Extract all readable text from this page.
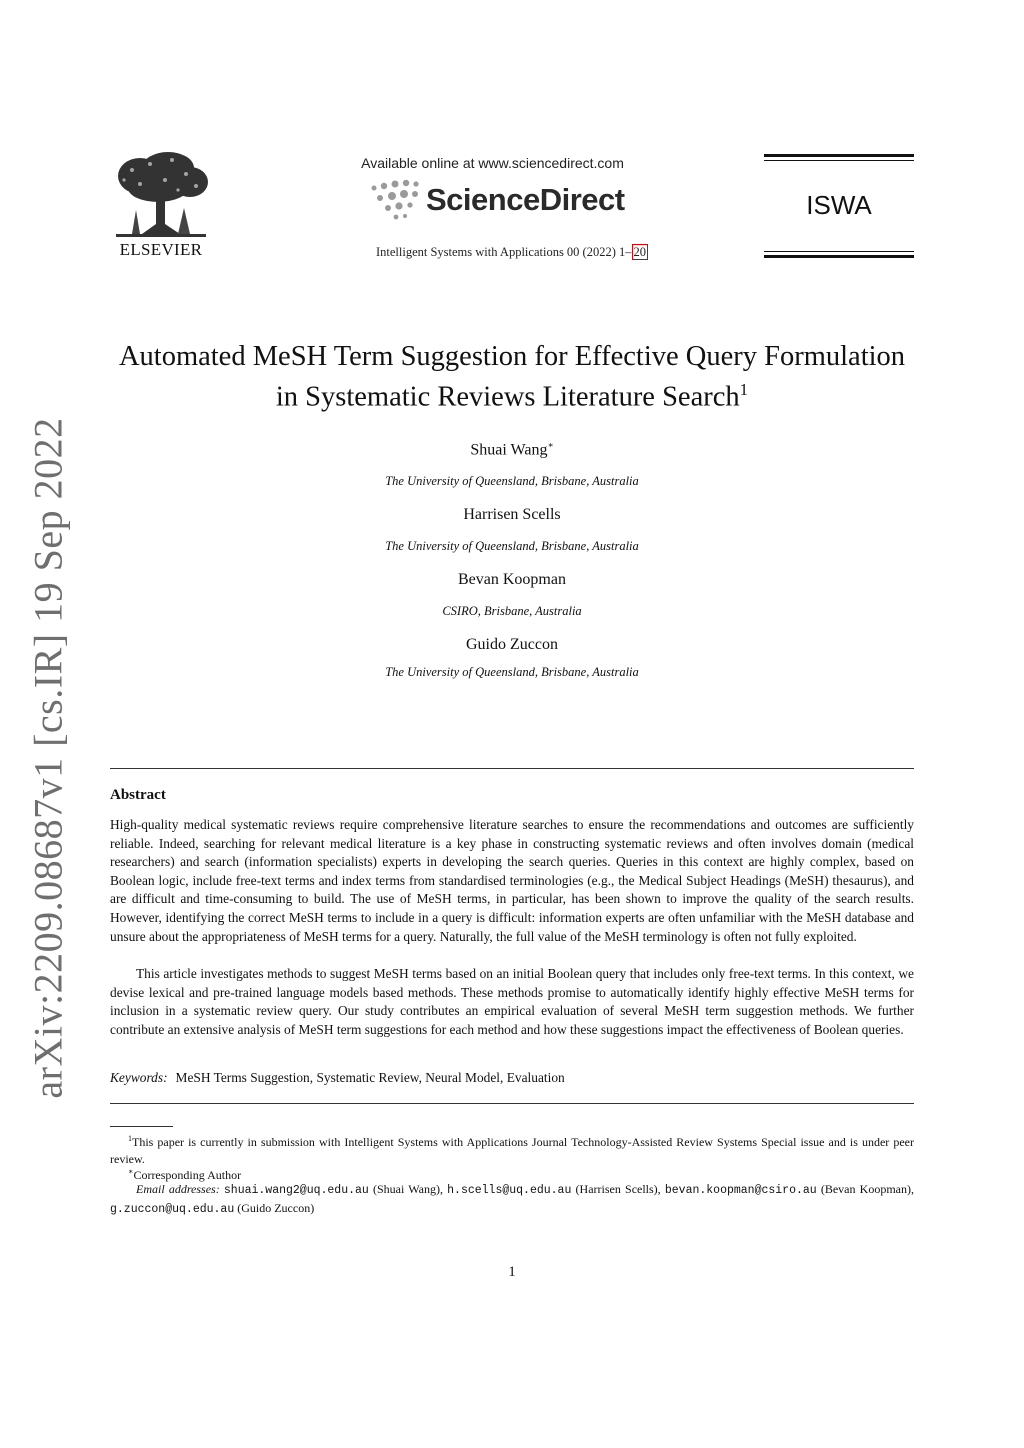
arXiv:2209.08687v1 [cs.IR] 19 Sep 2022
ELSEVIER
Available online at www.sciencedirect.com
ScienceDirect
Intelligent Systems with Applications 00 (2022) 1– 20
ISWA
Automated MeSH Term Suggestion for Effective Query Formulation
in Systematic Reviews Literature Search$^1$
Shuai Wang∗
The University of Queensland, Brisbane, Australia
Harrisen Scells
The University of Queensland, Brisbane, Australia
Bevan Koopman
CSIRO, Brisbane, Australia
Guido Zuccon
The University of Queensland, Brisbane, Australia
Abstract
High-quality medical systematic reviews require comprehensive literature searches to ensure the recommendations and outcomes are sufficiently reliable. Indeed, searching for relevant medical literature is a key phase in constructing systematic reviews and often involves domain (medical researchers) and search (information specialists) experts in developing the search queries. Queries in this context are highly complex, based on Boolean logic, include free-text terms and index terms from standardised terminologies (e.g., the Medical Subject Headings (MeSH) thesaurus), and are difficult and time-consuming to build. The use of MeSH terms, in particular, has been shown to improve the quality of the search results. However, identifying the correct MeSH terms to include in a query is difficult: information experts are often unfamiliar with the MeSH database and unsure about the appropriateness of MeSH terms for a query. Naturally, the full value of the MeSH terminology is often not fully exploited.
This article investigates methods to suggest MeSH terms based on an initial Boolean query that includes only free-text terms. In this context, we devise lexical and pre-trained language models based methods. These methods promise to automatically identify highly effective MeSH terms for inclusion in a systematic review query. Our study contributes an empirical evaluation of several MeSH term suggestion methods. We further contribute an extensive analysis of MeSH term suggestions for each method and how these suggestions impact the effectiveness of Boolean queries.
Keywords: MeSH Terms Suggestion, Systematic Review, Neural Model, Evaluation
$^1$This paper is currently in submission with Intelligent Systems with Applications Journal Technology-Assisted Review Systems Special issue and is under peer review.
∗Corresponding Author
Email addresses: shuai.wang2@uq.edu.au (Shuai Wang), h.scells@uq.edu.au (Harrisen Scells), bevan.koopman@csiro.au (Bevan Koopman), g.zuccon@uq.edu.au (Guido Zuccon)
1
